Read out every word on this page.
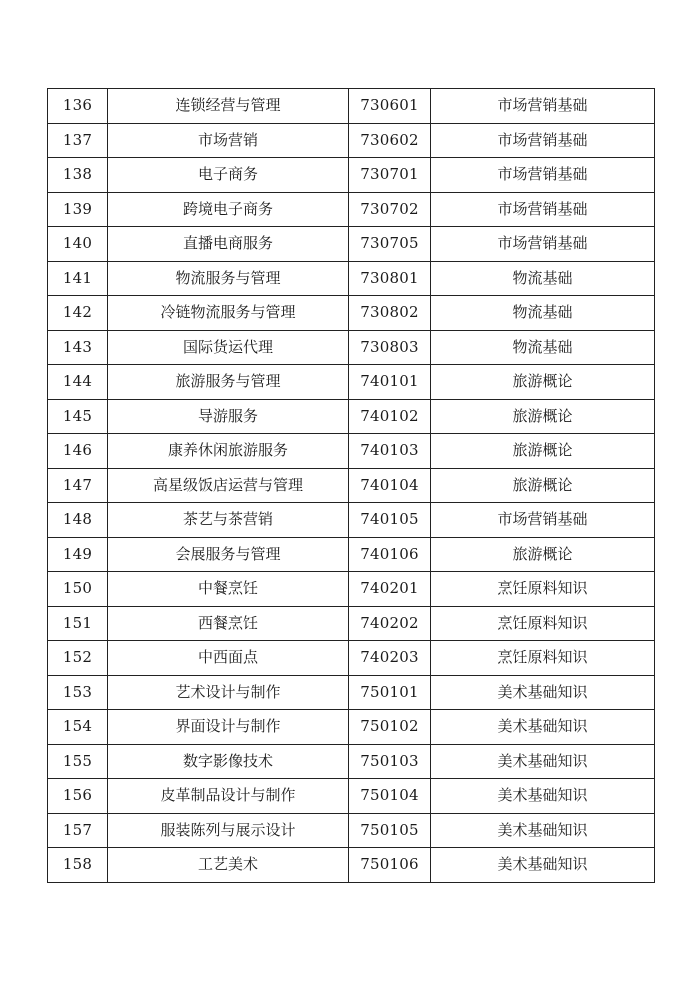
136	连锁经营与管理	730601	市场营销基础
137	市场营销	730602	市场营销基础
138	电子商务	730701	市场营销基础
139	跨境电子商务	730702	市场营销基础
140	直播电商服务	730705	市场营销基础
141	物流服务与管理	730801	物流基础
142	冷链物流服务与管理	730802	物流基础
143	国际货运代理	730803	物流基础
144	旅游服务与管理	740101	旅游概论
145	导游服务	740102	旅游概论
146	康养休闲旅游服务	740103	旅游概论
147	高星级饭店运营与管理	740104	旅游概论
148	茶艺与茶营销	740105	市场营销基础
149	会展服务与管理	740106	旅游概论
150	中餐烹饪	740201	烹饪原料知识
151	西餐烹饪	740202	烹饪原料知识
152	中西面点	740203	烹饪原料知识
153	艺术设计与制作	750101	美术基础知识
154	界面设计与制作	750102	美术基础知识
155	数字影像技术	750103	美术基础知识
156	皮革制品设计与制作	750104	美术基础知识
157	服装陈列与展示设计	750105	美术基础知识
158	工艺美术	750106	美术基础知识
